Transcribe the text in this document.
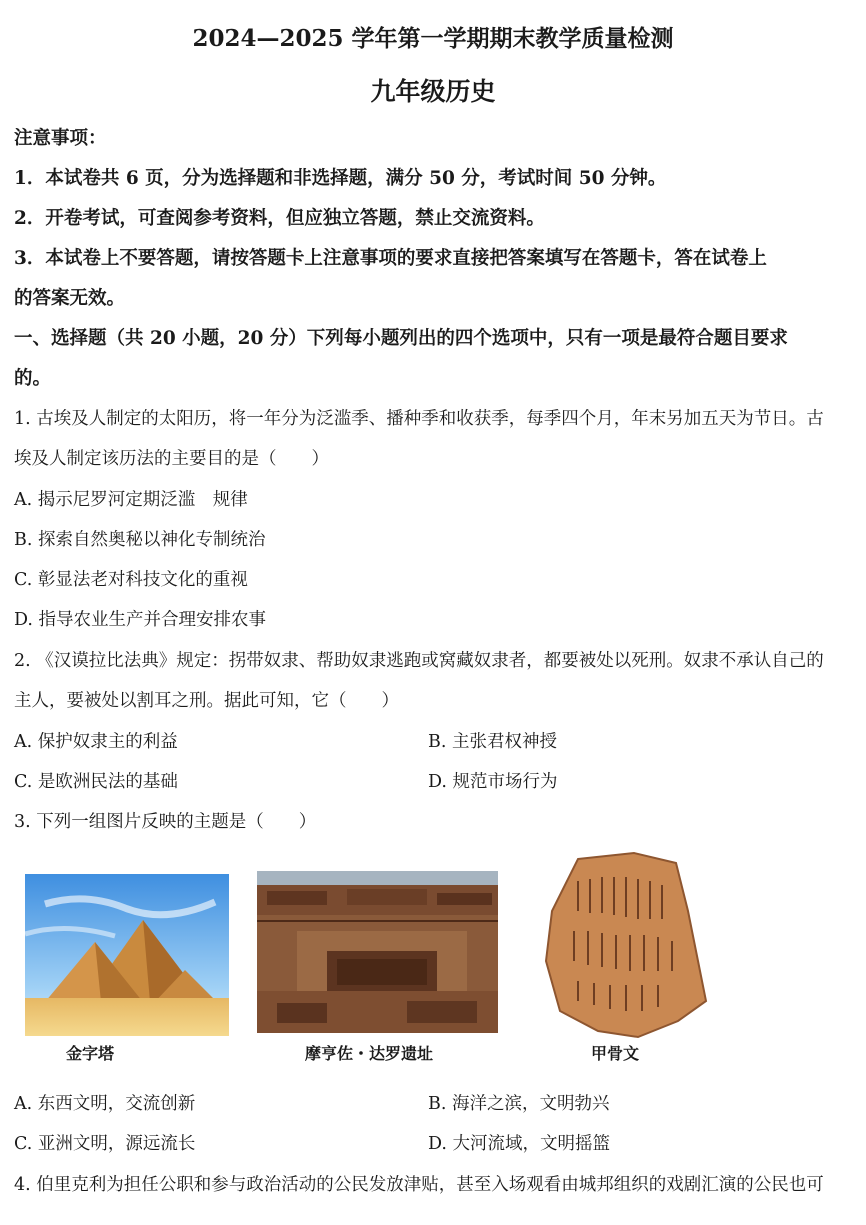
2024—2025 学年第一学期期末教学质量检测
九年级历史
注意事项：
1．本试卷共 6 页，分为选择题和非选择题，满分 50 分，考试时间 50 分钟。
2．开卷考试，可查阅参考资料，但应独立答题，禁止交流资料。
3．本试卷上不要答题，请按答题卡上注意事项的要求直接把答案填写在答题卡，答在试卷上
的答案无效。
一、选择题（共 20 小题，20 分）下列每小题列出的四个选项中，只有一项是最符合题目要求
的。
1. 古埃及人制定的太阳历，将一年分为泛滥季、播种季和收获季，每季四个月，年末另加五天为节日。古
埃及人制定该历法的主要目的是（　　）
A. 揭示尼罗河定期泛滥　规律
B. 探索自然奥秘以神化专制统治
C. 彰显法老对科技文化的重视
D. 指导农业生产并合理安排农事
2. 《汉谟拉比法典》规定：拐带奴隶、帮助奴隶逃跑或窝藏奴隶者，都要被处以死刑。奴隶不承认自己的
主人，要被处以割耳之刑。据此可知，它（　　）
A. 保护奴隶主的利益	B. 主张君权神授
C. 是欧洲民法的基础	D. 规范市场行为
3. 下列一组图片反映的主题是（　　）
金字塔	摩亨佐・达罗遗址	甲骨文
A. 东西文明，交流创新	B. 海洋之滨，文明勃兴
C. 亚洲文明，源远流长	D. 大河流域，文明摇篮
4. 伯里克利为担任公职和参与政治活动的公民发放津贴，甚至入场观看由城邦组织的戏剧汇演的公民也可
